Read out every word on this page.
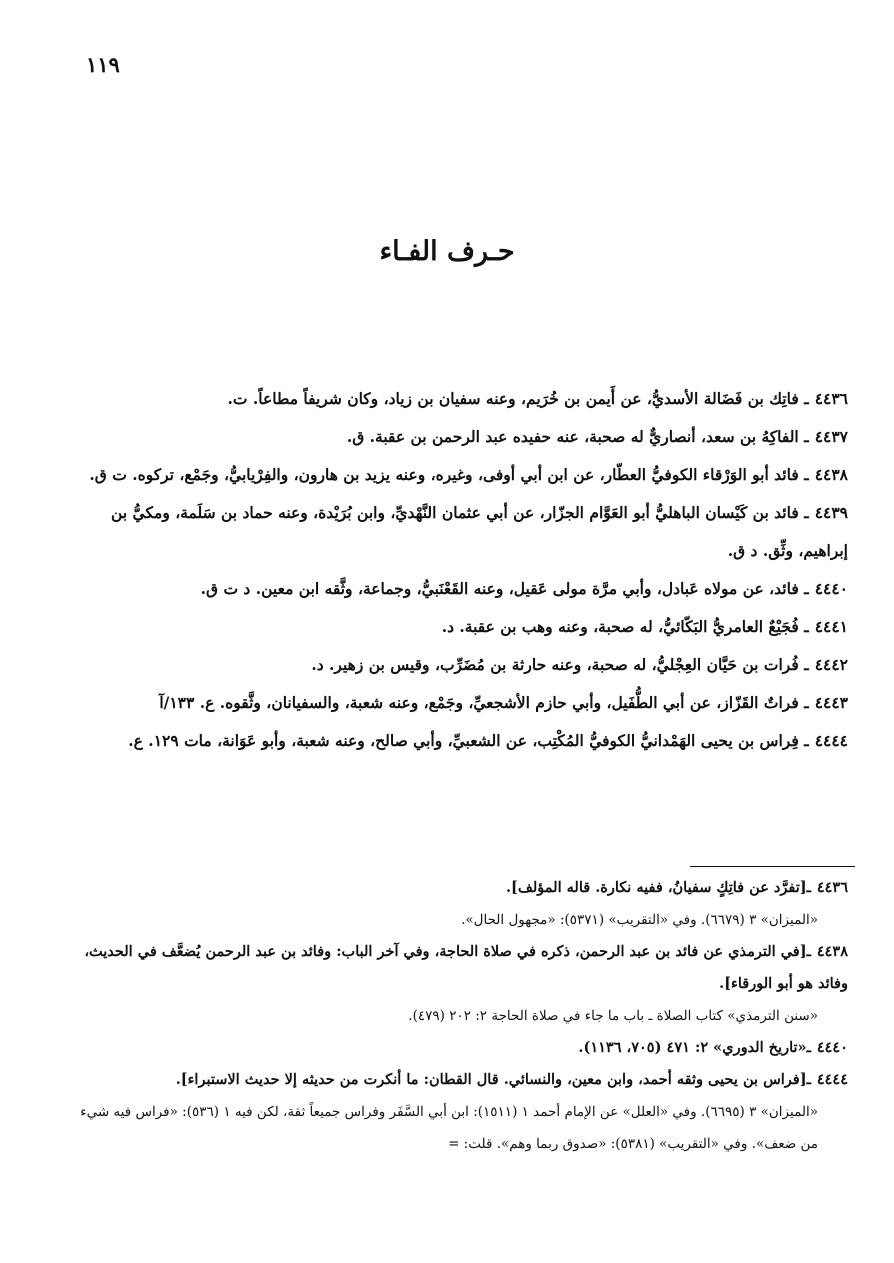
١١٩
حـرف الفـاء
٤٤٣٦ـ فاتِك بن فَضَالة الأسديُّ، عن أَيمن بن خُرَيم، وعنه سفيان بن زياد، وكان شريفاً مطاعاً. ت.
٤٤٣٧ـ الفاكِهُ بن سعد، أنصاريٌّ له صحبة، عنه حفيده عبد الرحمن بن عقبة. ق.
٤٤٣٨ـ فائد أبو الوَرْقاء الكوفيُّ العطّار، عن ابن أبي أوفى، وغيره، وعنه يزيد بن هارون، والفِرْيابيُّ، وجَمْع، تركوه. ت ق.
٤٤٣٩ـ فائد بن كَيْسان الباهليُّ أبو العَوَّام الجزّار، عن أبي عثمان النَّهْديِّ، وابن بُرَيْدة، وعنه حماد بن سَلَمة، ومكيُّ بن إبراهيم، وثِّق. د ق.
٤٤٤٠ـ فائد، عن مولاه عَبادل، وأبي مرَّة مولى عَقيل، وعنه القَعْنَبيُّ، وجماعة، وثَّقه ابن معين. د ت ق.
٤٤٤١ـ فُجَيْعٌ العامريُّ البَكّائيُّ، له صحبة، وعنه وهب بن عقبة. د.
٤٤٤٢ـ فُرات بن حَيَّان العِجْليُّ، له صحبة، وعنه حارثة بن مُضَرِّب، وقيس بن زهير. د.
٤٤٤٣ـ فراتٌ القَزّاز، عن أبي الطُّفَيل، وأبي حازم الأشجعيِّ، وجَمْع، وعنه شعبة، والسفيانان، وثَّقوه. ع. ١٣٣/آ
٤٤٤٤ـ فِراس بن يحيى الهَمْدانيُّ الكوفيُّ المُكْتِب، عن الشعبيِّ، وأبي صالح، وعنه شعبة، وأبو عَوَانة، مات ١٢٩. ع.
٤٤٣٦ـ[تفرَّد عن فاتِكٍ سفيانُ، ففيه نكارة. قاله المؤلف].
«الميزان» ٣ (٦٦٧٩). وفي «التقريب» (٥٣٧١): «مجهول الحال».
٤٤٣٨ـ[في الترمذي عن فائد بن عبد الرحمن، ذكره في صلاة الحاجة، وفي آخر الباب: وفائد بن عبد الرحمن يُضعَّف في الحديث، وفائد هو أبو الورقاء].
«سنن الترمذي» كتاب الصلاة ـ باب ما جاء في صلاة الحاجة ٢: ٢٠٢ (٤٧٩).
٤٤٤٠ـ«تاريخ الدوري» ٢: ٤٧١ (٧٠٥، ١١٣٦).
٤٤٤٤ـ[فراس بن يحيى وثقه أحمد، وابن معين، والنسائي. قال القطان: ما أنكرت من حديثه إلا حديث الاستبراء].
«الميزان» ٣ (٦٦٩٥). وفي «العلل» عن الإمام أحمد ١ (١٥١١): ابن أبي السَّفَر وفراس جميعاً ثقة، لكن فيه ١ (٥٣٦): «فراس فيه شيء من ضعف». وفي «التقريب» (٥٣٨١): «صدوق ربما وهم». قلت: =
